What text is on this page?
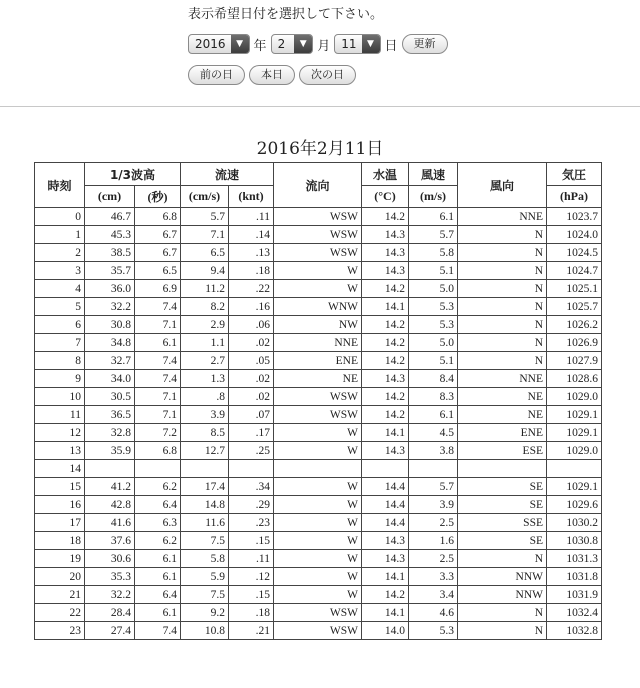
表示希望日付を選択して下さい。
2016	▼ 年 2	▼ 月 11	▼ 日	更新
前の日	本日	次の日
2016年2月11日
時刻	1/3波高		流速		流向	水温	風速	風向	気圧
	(cm)	(秒)	(cm/s)	(knt)		(°C)	(m/s)		(hPa)
0	46.7	6.8	5.7	.11	WSW	14.2	6.1	NNE	1023.7
1	45.3	6.7	7.1	.14	WSW	14.3	5.7	N	1024.0
2	38.5	6.7	6.5	.13	WSW	14.3	5.8	N	1024.5
3	35.7	6.5	9.4	.18	W	14.3	5.1	N	1024.7
4	36.0	6.9	11.2	.22	W	14.2	5.0	N	1025.1
5	32.2	7.4	8.2	.16	WNW	14.1	5.3	N	1025.7
6	30.8	7.1	2.9	.06	NW	14.2	5.3	N	1026.2
7	34.8	6.1	1.1	.02	NNE	14.2	5.0	N	1026.9
8	32.7	7.4	2.7	.05	ENE	14.2	5.1	N	1027.9
9	34.0	7.4	1.3	.02	NE	14.3	8.4	NNE	1028.6
10	30.5	7.1	.8	.02	WSW	14.2	8.3	NE	1029.0
11	36.5	7.1	3.9	.07	WSW	14.2	6.1	NE	1029.1
12	32.8	7.2	8.5	.17	W	14.1	4.5	ENE	1029.1
13	35.9	6.8	12.7	.25	W	14.3	3.8	ESE	1029.0
14									
15	41.2	6.2	17.4	.34	W	14.4	5.7	SE	1029.1
16	42.8	6.4	14.8	.29	W	14.4	3.9	SE	1029.6
17	41.6	6.3	11.6	.23	W	14.4	2.5	SSE	1030.2
18	37.6	6.2	7.5	.15	W	14.3	1.6	SE	1030.8
19	30.6	6.1	5.8	.11	W	14.3	2.5	N	1031.3
20	35.3	6.1	5.9	.12	W	14.1	3.3	NNW	1031.8
21	32.2	6.4	7.5	.15	W	14.2	3.4	NNW	1031.9
22	28.4	6.1	9.2	.18	WSW	14.1	4.6	N	1032.4
23	27.4	7.4	10.8	.21	WSW	14.0	5.3	N	1032.8
